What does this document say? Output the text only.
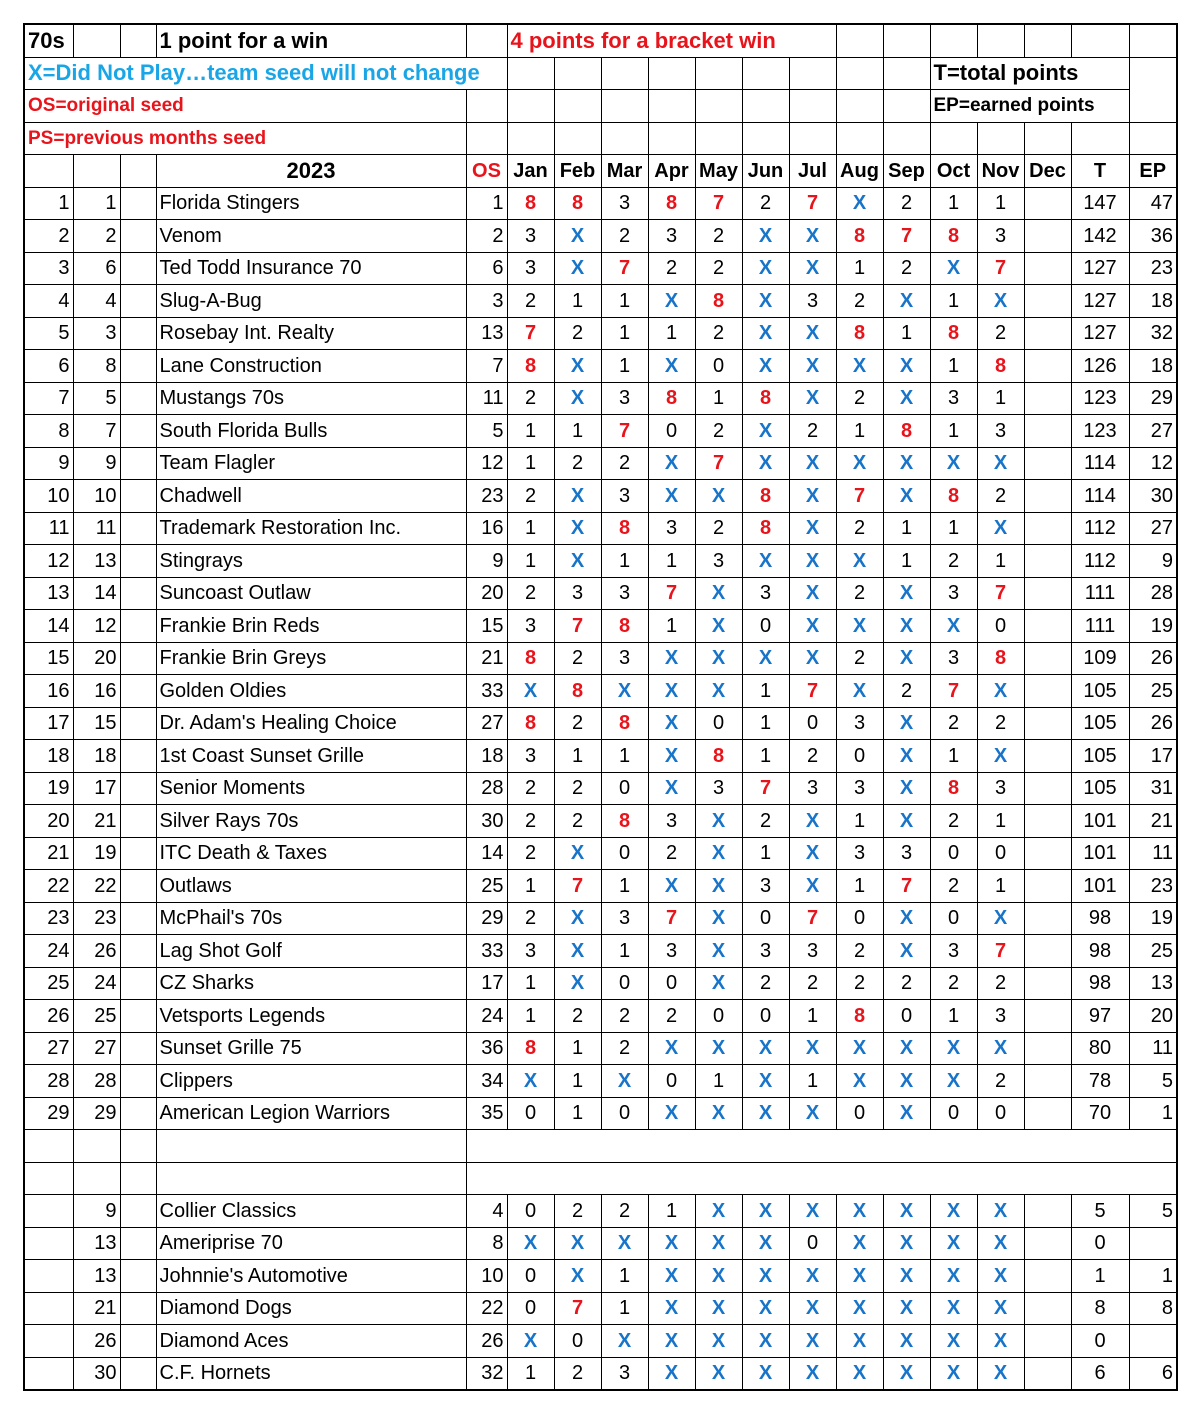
70s			1 point for a win		4 points for a bracket win													
X=Did Not Play…team seed will not change														T=total points				
OS=original seed														EP=earned points				
PS=previous months seed																		
			2023	OS	Jan	Feb	Mar	Apr	May	Jun	Jul	Aug	Sep	Oct	Nov	Dec	T	EP
1	1		Florida Stingers	1	8	8	3	8	7	2	7	X	2	1	1		147	47
2	2		Venom	2	3	X	2	3	2	X	X	8	7	8	3		142	36
3	6		Ted Todd Insurance 70	6	3	X	7	2	2	X	X	1	2	X	7		127	23
4	4		Slug-A-Bug	3	2	1	1	X	8	X	3	2	X	1	X		127	18
5	3		Rosebay Int. Realty	13	7	2	1	1	2	X	X	8	1	8	2		127	32
6	8		Lane Construction	7	8	X	1	X	0	X	X	X	X	1	8		126	18
7	5		Mustangs 70s	11	2	X	3	8	1	8	X	2	X	3	1		123	29
8	7		South Florida Bulls	5	1	1	7	0	2	X	2	1	8	1	3		123	27
9	9		Team Flagler	12	1	2	2	X	7	X	X	X	X	X	X		114	12
10	10		Chadwell	23	2	X	3	X	X	8	X	7	X	8	2		114	30
11	11		Trademark Restoration Inc.	16	1	X	8	3	2	8	X	2	1	1	X		112	27
12	13		Stingrays	9	1	X	1	1	3	X	X	X	1	2	1		112	9
13	14		Suncoast Outlaw	20	2	3	3	7	X	3	X	2	X	3	7		111	28
14	12		Frankie Brin Reds	15	3	7	8	1	X	0	X	X	X	X	0		111	19
15	20		Frankie Brin Greys	21	8	2	3	X	X	X	X	2	X	3	8		109	26
16	16		Golden Oldies	33	X	8	X	X	X	1	7	X	2	7	X		105	25
17	15		Dr. Adam's Healing Choice	27	8	2	8	X	0	1	0	3	X	2	2		105	26
18	18		1st Coast Sunset Grille	18	3	1	1	X	8	1	2	0	X	1	X		105	17
19	17		Senior Moments	28	2	2	0	X	3	7	3	3	X	8	3		105	31
20	21		Silver Rays 70s	30	2	2	8	3	X	2	X	1	X	2	1		101	21
21	19		ITC Death & Taxes	14	2	X	0	2	X	1	X	3	3	0	0		101	11
22	22		Outlaws	25	1	7	1	X	X	3	X	1	7	2	1		101	23
23	23		McPhail's 70s	29	2	X	3	7	X	0	7	0	X	0	X		98	19
24	26		Lag Shot Golf	33	3	X	1	3	X	3	3	2	X	3	7		98	25
25	24		CZ Sharks	17	1	X	0	0	X	2	2	2	2	2	2		98	13
26	25		Vetsports Legends	24	1	2	2	2	0	0	1	8	0	1	3		97	20
27	27		Sunset Grille 75	36	8	1	2	X	X	X	X	X	X	X	X		80	11
28	28		Clippers	34	X	1	X	0	1	X	1	X	X	X	2		78	5
29	29		American Legion Warriors	35	0	1	0	X	X	X	X	0	X	0	0		70	1

	9		Collier Classics	4	0	2	2	1	X	X	X	X	X	X	X		5	5
	13		Ameriprise 70	8	X	X	X	X	X	X	0	X	X	X	X		0	
	13		Johnnie's Automotive	10	0	X	1	X	X	X	X	X	X	X	X		1	1
	21		Diamond Dogs	22	0	7	1	X	X	X	X	X	X	X	X		8	8
	26		Diamond Aces	26	X	0	X	X	X	X	X	X	X	X	X		0	
	30		C.F. Hornets	32	1	2	3	X	X	X	X	X	X	X	X		6	6
